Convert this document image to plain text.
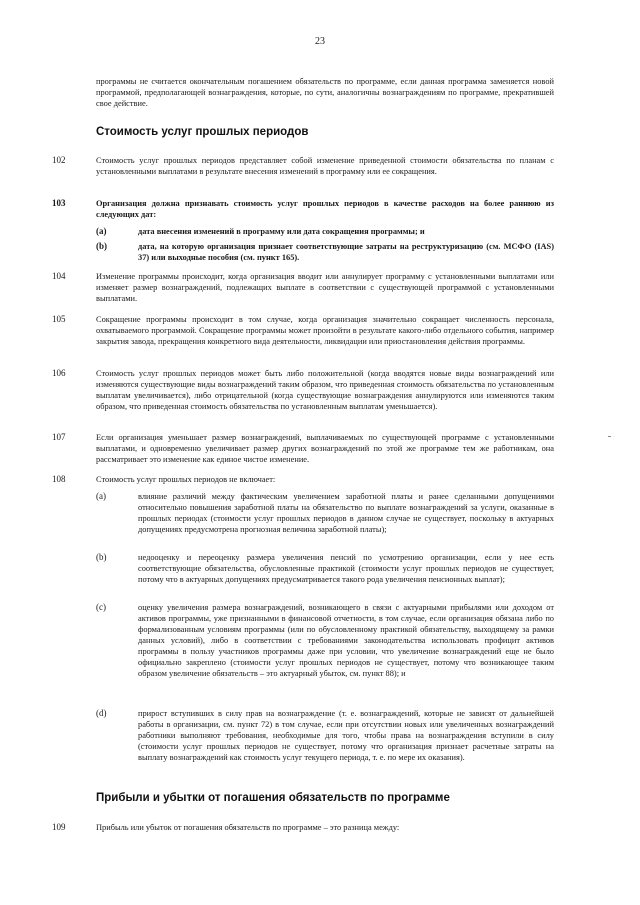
23
программы не считается окончательным погашением обязательств по программе, если данная программа заменяется новой программой, предполагающей вознаграждения, которые, по сути, аналогичны вознаграждениям по программе, прекратившей свое действие.
Стоимость услуг прошлых периодов
102	Стоимость услуг прошлых периодов представляет собой изменение приведенной стоимости обязательства по планам с установленными выплатами в результате внесения изменений в программу или ее сокращения.
103	Организация должна признавать стоимость услуг прошлых периодов в качестве расходов на более раннюю из следующих дат:
(a)	дата внесения изменений в программу или дата сокращения программы; и
(b)	дата, на которую организация признает соответствующие затраты на реструктуризацию (см. МСФО (IAS) 37) или выходные пособия (см. пункт 165).
104	Изменение программы происходит, когда организация вводит или аннулирует программу с установленными выплатами или изменяет размер вознаграждений, подлежащих выплате в соответствии с существующей программой с установленными выплатами.
105	Сокращение программы происходит в том случае, когда организация значительно сокращает численность персонала, охватываемого программой. Сокращение программы может произойти в результате какого-либо отдельного события, например закрытия завода, прекращения конкретного вида деятельности, ликвидации или приостановления действия программы.
106	Стоимость услуг прошлых периодов может быть либо положительной (когда вводятся новые виды вознаграждений или изменяются существующие виды вознаграждений таким образом, что приведенная стоимость обязательства по установленным выплатам увеличивается), либо отрицательной (когда существующие вознаграждения аннулируются или изменяются таким образом, что приведенная стоимость обязательства по установленным выплатам уменьшается).
107	Если организация уменьшает размер вознаграждений, выплачиваемых по существующей программе с установленными выплатами, и одновременно увеличивает размер других вознаграждений по этой же программе тем же работникам, она рассматривает это изменение как единое чистое изменение.
108	Стоимость услуг прошлых периодов не включает:
(a)	влияние различий между фактическим увеличением заработной платы и ранее сделанными допущениями относительно повышения заработной платы на обязательство по выплате вознаграждений за услуги, оказанные в прошлых периодах (стоимости услуг прошлых периодов в данном случае не существует, поскольку в актуарных допущениях предусмотрена прогнозная величина заработной платы);
(b)	недооценку и переоценку размера увеличения пенсий по усмотрению организации, если у нее есть соответствующие обязательства, обусловленные практикой (стоимости услуг прошлых периодов не существует, потому что в актуарных допущениях предусматривается такого рода увеличения пенсионных выплат);
(c)	оценку увеличения размера вознаграждений, возникающего в связи с актуарными прибылями или доходом от активов программы, уже признанными в финансовой отчетности, в том случае, если организация обязана либо по формализованным условиям программы (или по обусловленному практикой обязательству, выходящему за рамки данных условий), либо в соответствии с требованиями законодательства использовать профицит активов программы в пользу участников программы даже при условии, что увеличение вознаграждений еще не было официально закреплено (стоимости услуг прошлых периодов не существует, потому что возникающее таким образом увеличение обязательств – это актуарный убыток, см. пункт 88); и
(d)	прирост вступивших в силу прав на вознаграждение (т. е. вознаграждений, которые не зависят от дальнейшей работы в организации, см. пункт 72) в том случае, если при отсутствии новых или увеличенных вознаграждений работники выполняют требования, необходимые для того, чтобы права на вознаграждения вступили в силу (стоимости услуг прошлых периодов не существует, потому что организация признает расчетные затраты на выплату вознаграждений как стоимость услуг текущего периода, т. е. по мере их оказания).
Прибыли и убытки от погашения обязательств по программе
109	Прибыль или убыток от погашения обязательств по программе – это разница между:
